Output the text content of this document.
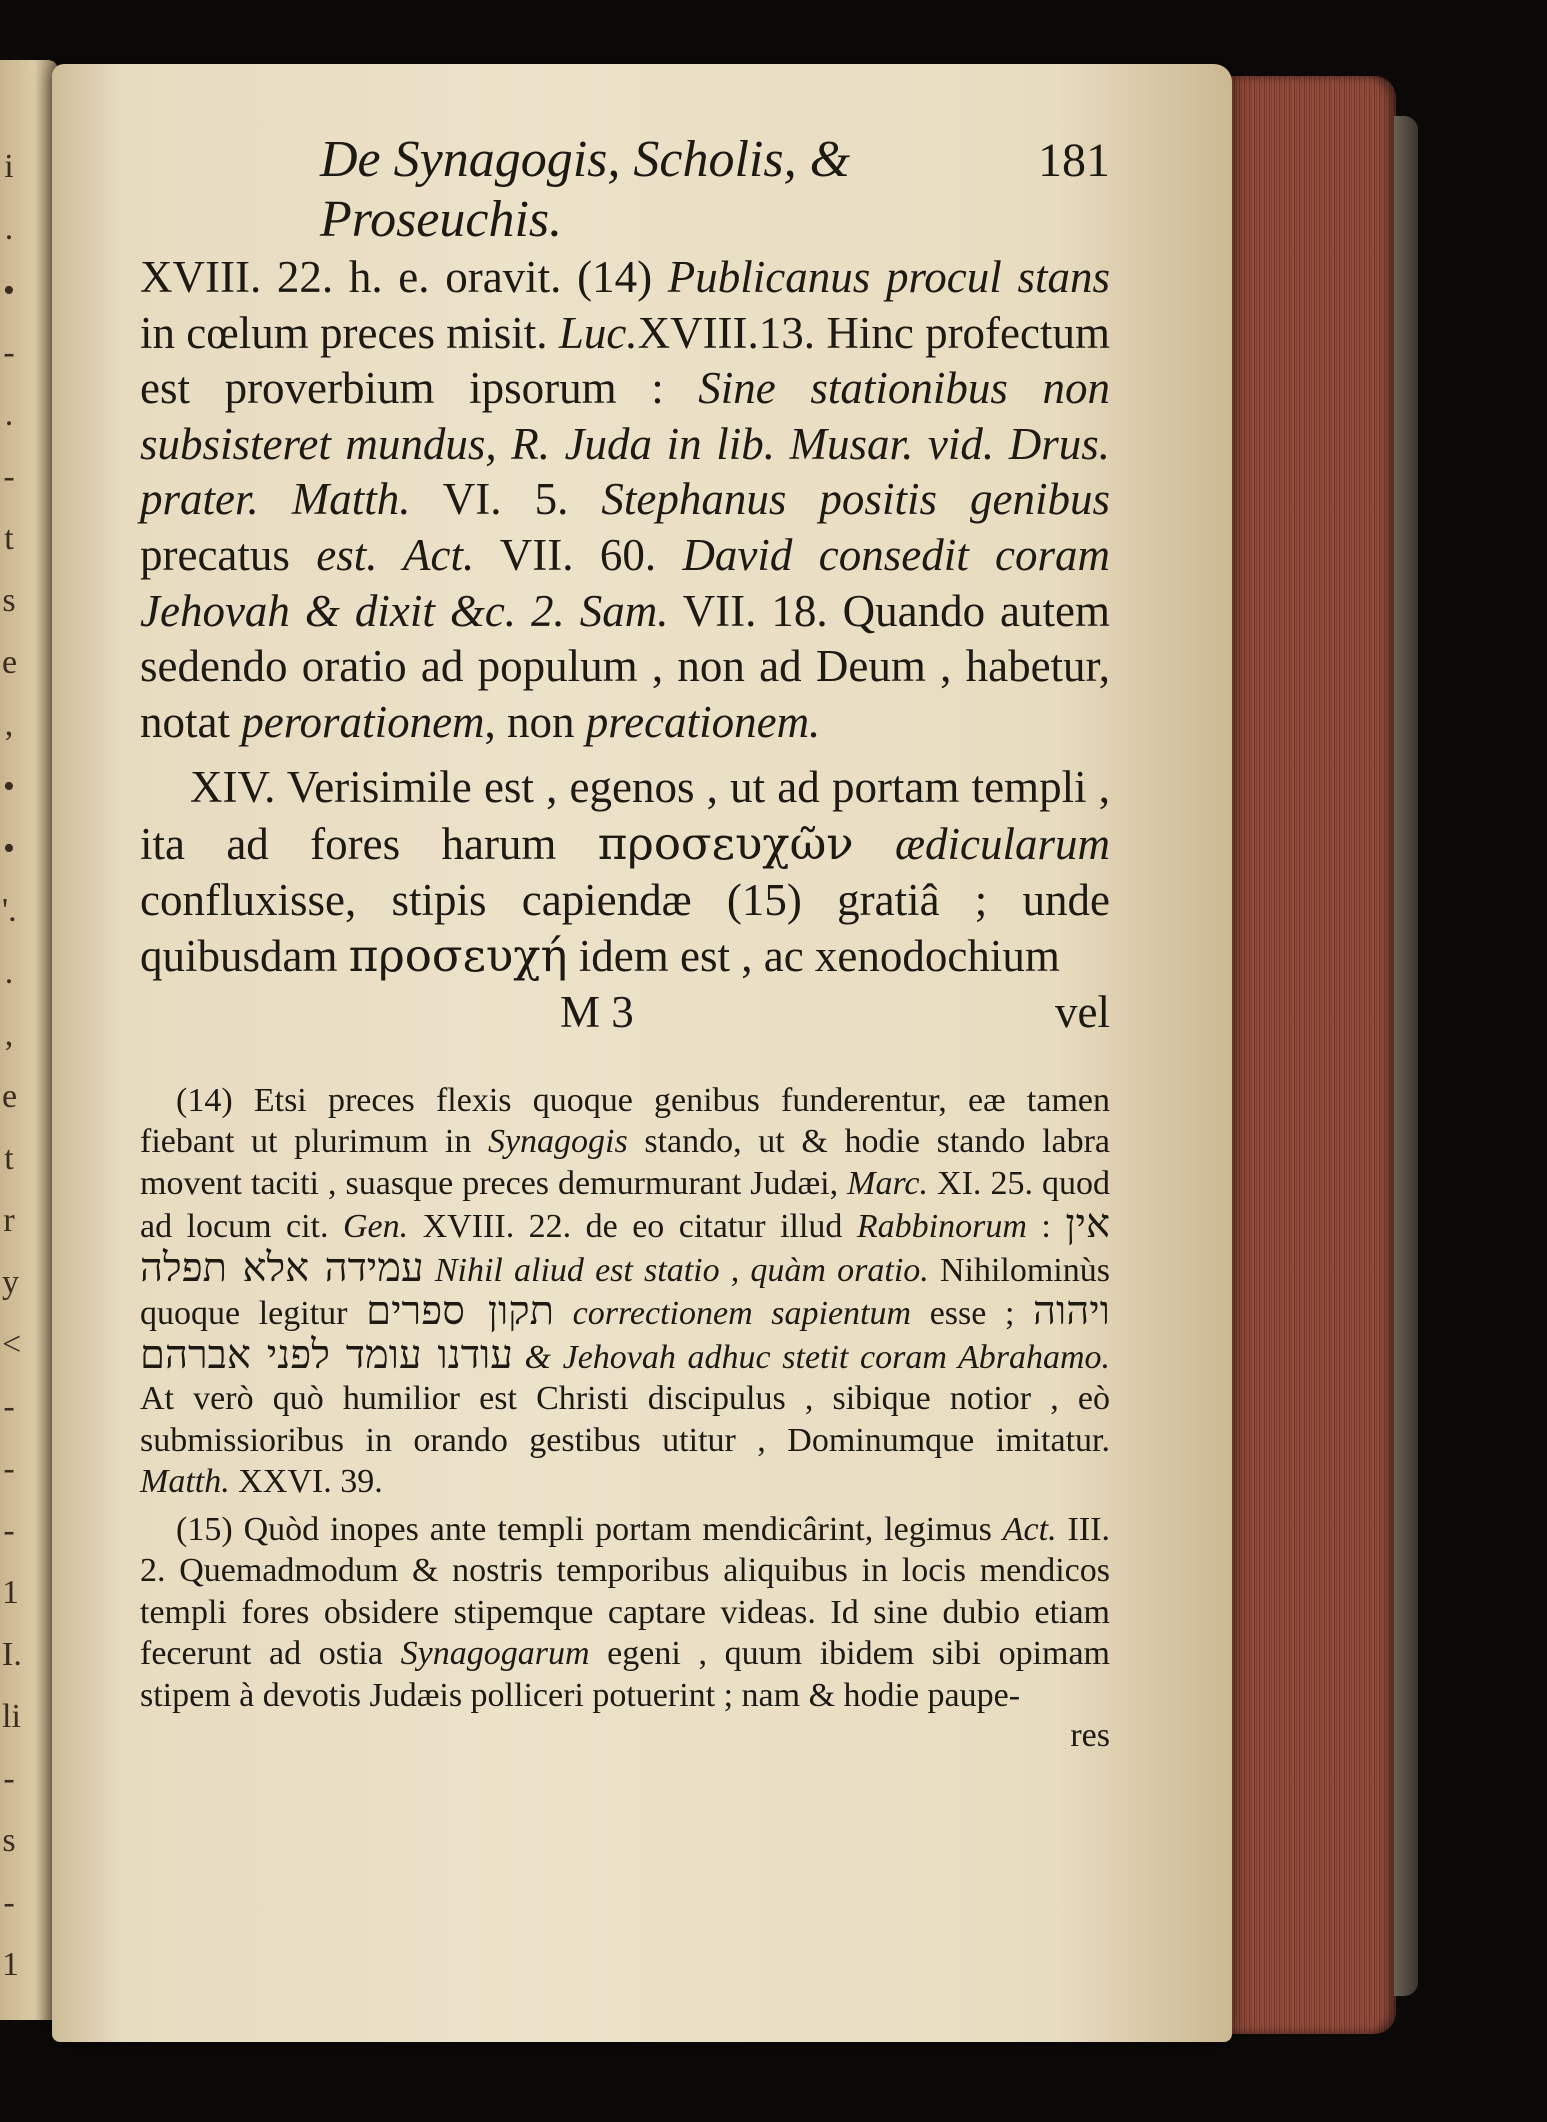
i
.
•
-
.
-
t
s
e
,
•
•
'.
.
,
e
t
r
y
<
-
-
-
1
I.
li
-
s
-
1
De Synagogis, Scholis, & Proseuchis.
181

XVIII. 22. h. e. oravit. (14) Publicanus procul stans in cœlum preces misit. Luc.XVIII.13. Hinc profectum est proverbium ipsorum : Sine stationibus non subsisteret mundus, R. Juda in lib. Musar. vid. Drus. prater. Matth. VI. 5. Stephanus positis genibus precatus est. Act. VII. 60. David consedit coram Jehovah & dixit &c. 2. Sam. VII. 18. Quando autem sedendo oratio ad populum , non ad Deum , habetur, notat perorationem, non precationem.

XIV. Verisimile est , egenos , ut ad portam templi , ita ad fores harum προσευχῶν ædicularum confluxisse, stipis capiendæ (15) gratiâ ; unde quibusdam προσευχή idem est , ac xenodochium

M 3	vel

(14) Etsi preces flexis quoque genibus funderentur, eæ tamen fiebant ut plurimum in Synagogis stando, ut & hodie stando labra movent taciti , suasque preces demurmurant Judæi, Marc. XI. 25. quod ad locum cit. Gen. XVIII. 22. de eo citatur illud Rabbinorum : אין עמידה אלא תפלה Nihil aliud est statio , quàm oratio. Nihilominùs quoque legitur תקון ספרים correctionem sapientum esse ; ויהוה עודנו עומד לפני אברהם & Jehovah adhuc stetit coram Abrahamo. At verò quò humilior est Christi discipulus , sibique notior , eò submissioribus in orando gestibus utitur , Dominumque imitatur. Matth. XXVI. 39.

(15) Quòd inopes ante templi portam mendicârint, legimus Act. III. 2. Quemadmodum & nostris temporibus aliquibus in locis mendicos templi fores obsidere stipemque captare videas. Id sine dubio etiam fecerunt ad ostia Synagogarum egeni , quum ibidem sibi opimam stipem à devotis Judæis polliceri potuerint ; nam & hodie paupe-

res
